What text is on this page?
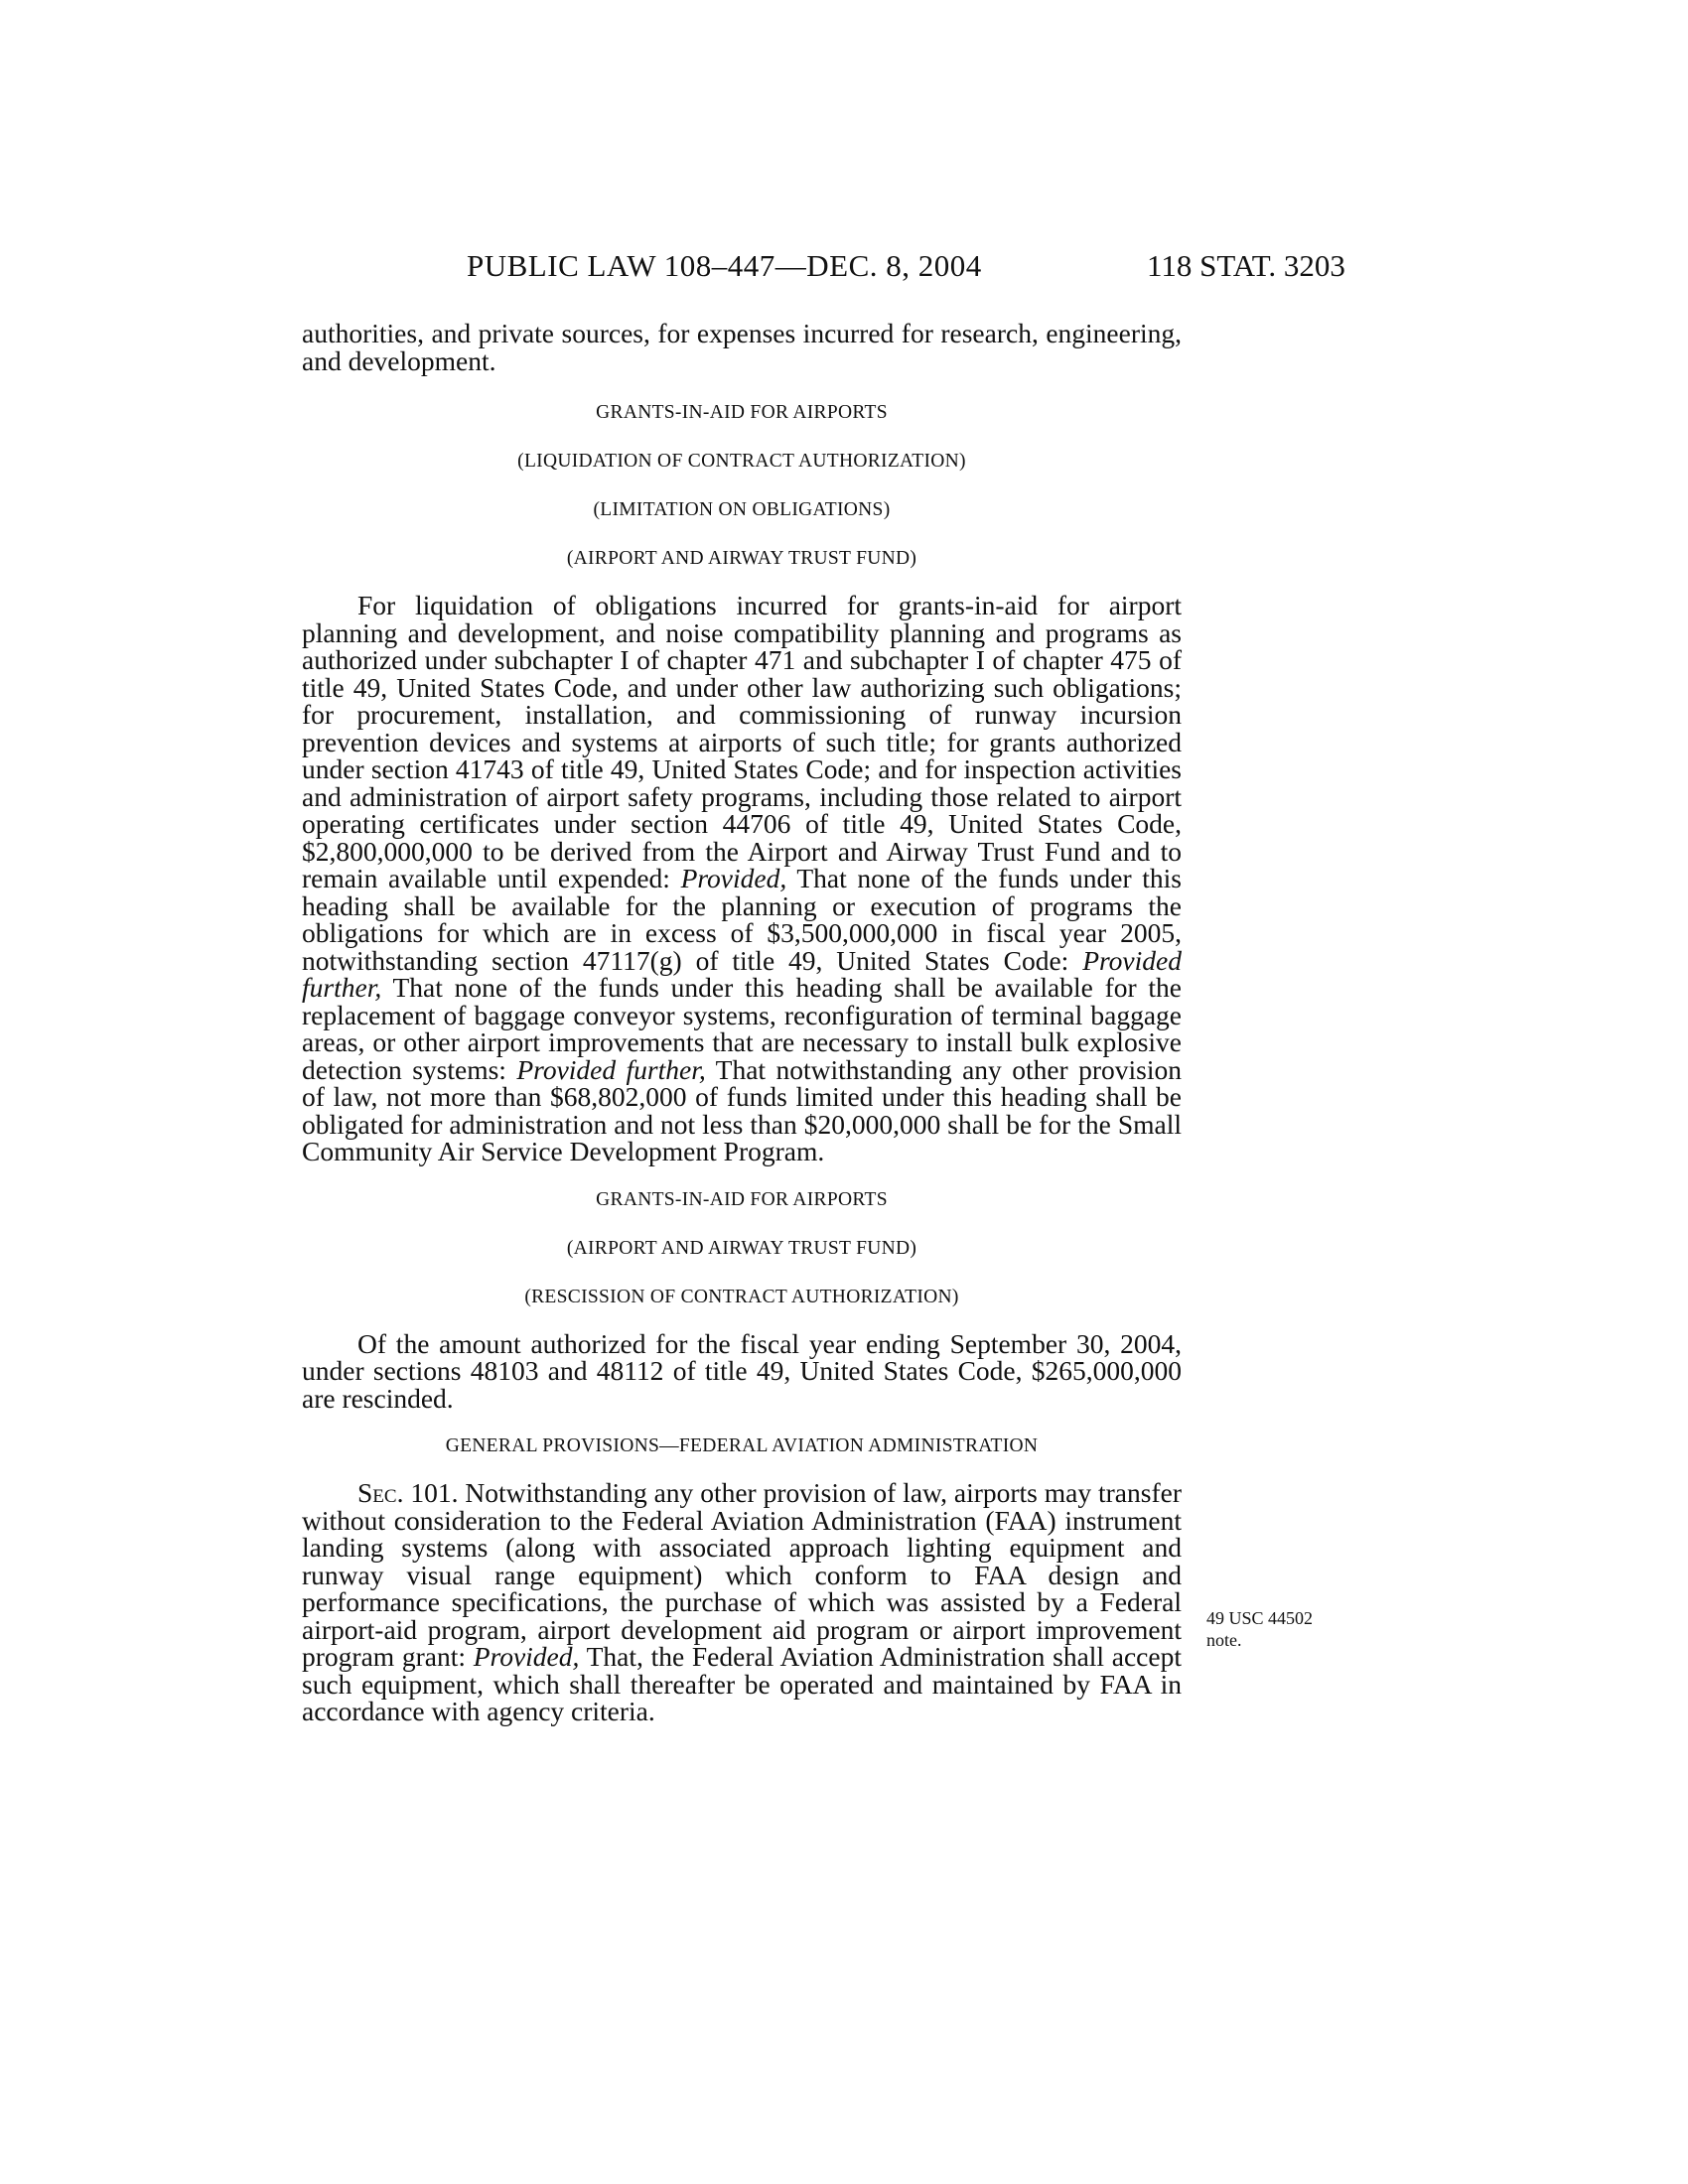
PUBLIC LAW 108–447—DEC. 8, 2004	118 STAT. 3203

authorities, and private sources, for expenses incurred for research, engineering, and development.

GRANTS-IN-AID FOR AIRPORTS

(LIQUIDATION OF CONTRACT AUTHORIZATION)

(LIMITATION ON OBLIGATIONS)

(AIRPORT AND AIRWAY TRUST FUND)

For liquidation of obligations incurred for grants-in-aid for airport planning and development, and noise compatibility planning and programs as authorized under subchapter I of chapter 471 and subchapter I of chapter 475 of title 49, United States Code, and under other law authorizing such obligations; for procurement, installation, and commissioning of runway incursion prevention devices and systems at airports of such title; for grants authorized under section 41743 of title 49, United States Code; and for inspection activities and administration of airport safety programs, including those related to airport operating certificates under section 44706 of title 49, United States Code, $2,800,000,000 to be derived from the Airport and Airway Trust Fund and to remain available until expended: Provided, That none of the funds under this heading shall be available for the planning or execution of programs the obligations for which are in excess of $3,500,000,000 in fiscal year 2005, notwithstanding section 47117(g) of title 49, United States Code: Provided further, That none of the funds under this heading shall be available for the replacement of baggage conveyor systems, reconfiguration of terminal baggage areas, or other airport improvements that are necessary to install bulk explosive detection systems: Provided further, That notwithstanding any other provision of law, not more than $68,802,000 of funds limited under this heading shall be obligated for administration and not less than $20,000,000 shall be for the Small Community Air Service Development Program.

GRANTS-IN-AID FOR AIRPORTS

(AIRPORT AND AIRWAY TRUST FUND)

(RESCISSION OF CONTRACT AUTHORIZATION)

Of the amount authorized for the fiscal year ending September 30, 2004, under sections 48103 and 48112 of title 49, United States Code, $265,000,000 are rescinded.

GENERAL PROVISIONS—FEDERAL AVIATION ADMINISTRATION

Sec. 101. Notwithstanding any other provision of law, airports may transfer without consideration to the Federal Aviation Administration (FAA) instrument landing systems (along with associated approach lighting equipment and runway visual range equipment) which conform to FAA design and performance specifications, the purchase of which was assisted by a Federal airport-aid program, airport development aid program or airport improvement program grant: Provided, That, the Federal Aviation Administration shall accept such equipment, which shall thereafter be operated and maintained by FAA in accordance with agency criteria.

49 USC 44502
note.
